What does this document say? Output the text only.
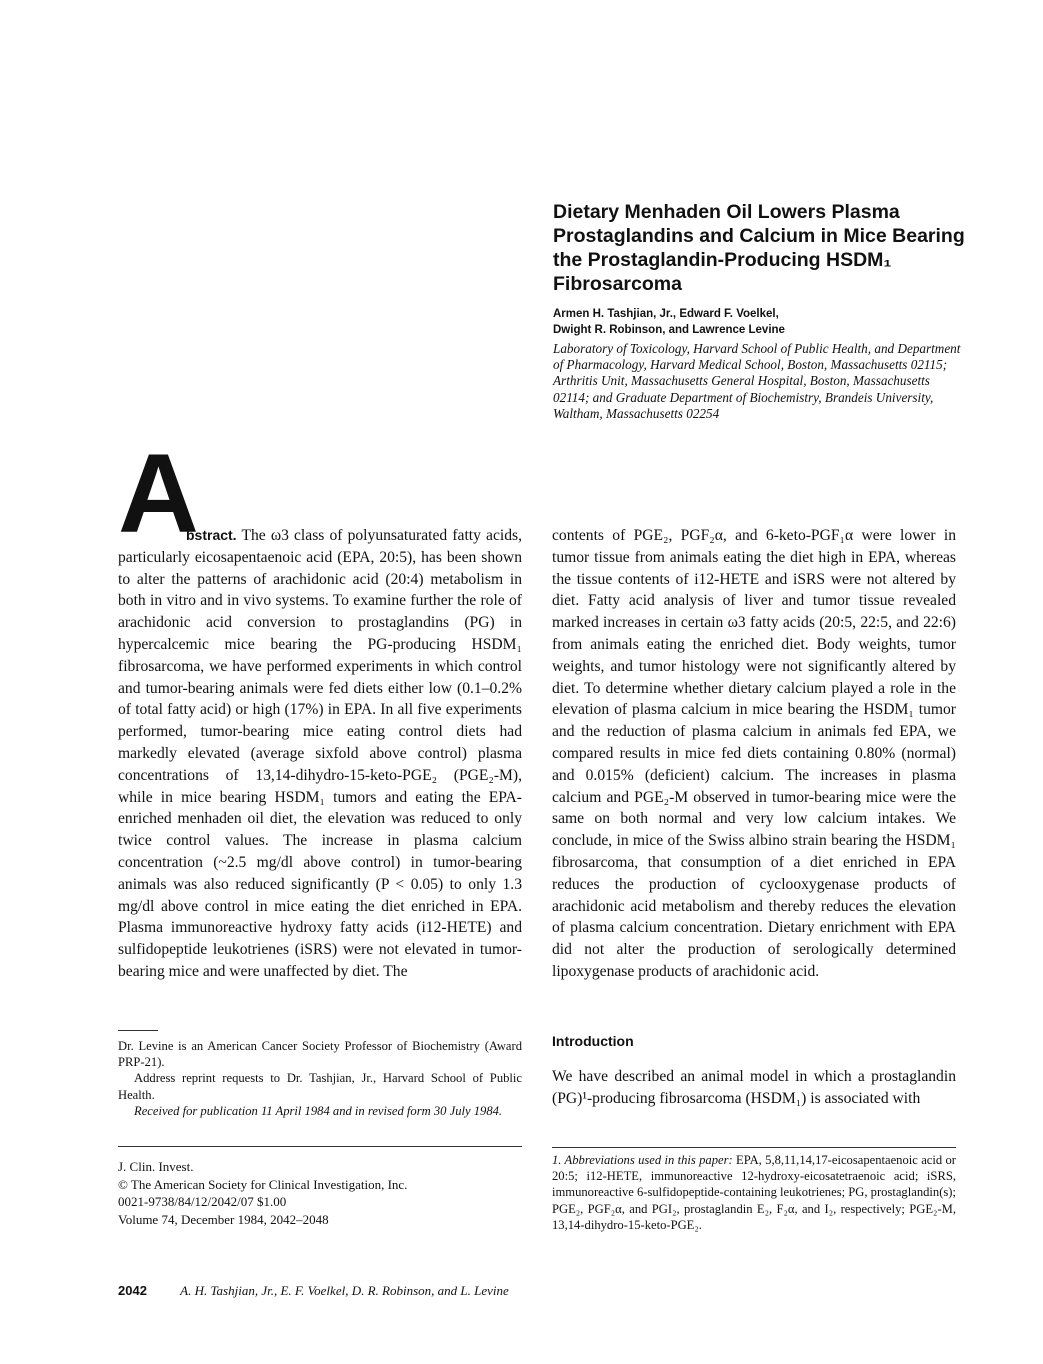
Dietary Menhaden Oil Lowers Plasma Prostaglandins and Calcium in Mice Bearing the Prostaglandin-Producing HSDM₁ Fibrosarcoma
Armen H. Tashjian, Jr., Edward F. Voelkel,
Dwight R. Robinson, and Lawrence Levine
Laboratory of Toxicology, Harvard School of Public Health, and Department of Pharmacology, Harvard Medical School, Boston, Massachusetts 02115; Arthritis Unit, Massachusetts General Hospital, Boston, Massachusetts 02114; and Graduate Department of Biochemistry, Brandeis University, Waltham, Massachusetts 02254
A

bstract. The ω3 class of polyunsaturated fatty acids, particularly eicosapentaenoic acid (EPA, 20:5), has been shown to alter the patterns of arachidonic acid (20:4) metabolism in both in vitro and in vivo systems. To examine further the role of arachidonic acid conversion to prostaglandins (PG) in hypercalcemic mice bearing the PG-producing HSDM₁ fibrosarcoma, we have performed experiments in which control and tumor-bearing animals were fed diets either low (0.1–0.2% of total fatty acid) or high (17%) in EPA. In all five experiments performed, tumor-bearing mice eating control diets had markedly elevated (average sixfold above control) plasma concentrations of 13,14-dihydro-15-keto-PGE₂ (PGE₂-M), while in mice bearing HSDM₁ tumors and eating the EPA-enriched menhaden oil diet, the elevation was reduced to only twice control values. The increase in plasma calcium concentration (~2.5 mg/dl above control) in tumor-bearing animals was also reduced significantly (P < 0.05) to only 1.3 mg/dl above control in mice eating the diet enriched in EPA. Plasma immunoreactive hydroxy fatty acids (i12-HETE) and sulfidopeptide leukotrienes (iSRS) were not elevated in tumor-bearing mice and were unaffected by diet. The

contents of PGE₂, PGF₂α, and 6-keto-PGF₁α were lower in tumor tissue from animals eating the diet high in EPA, whereas the tissue contents of i12-HETE and iSRS were not altered by diet. Fatty acid analysis of liver and tumor tissue revealed marked increases in certain ω3 fatty acids (20:5, 22:5, and 22:6) from animals eating the enriched diet. Body weights, tumor weights, and tumor histology were not significantly altered by diet. To determine whether dietary calcium played a role in the elevation of plasma calcium in mice bearing the HSDM₁ tumor and the reduction of plasma calcium in animals fed EPA, we compared results in mice fed diets containing 0.80% (normal) and 0.015% (deficient) calcium. The increases in plasma calcium and PGE₂-M observed in tumor-bearing mice were the same on both normal and very low calcium intakes. We conclude, in mice of the Swiss albino strain bearing the HSDM₁ fibrosarcoma, that consumption of a diet enriched in EPA reduces the production of cyclooxygenase products of arachidonic acid metabolism and thereby reduces the elevation of plasma calcium concentration. Dietary enrichment with EPA did not alter the production of serologically determined lipoxygenase products of arachidonic acid.

Dr. Levine is an American Cancer Society Professor of Biochemistry (Award PRP-21).

Address reprint requests to Dr. Tashjian, Jr., Harvard School of Public Health.

Received for publication 11 April 1984 and in revised form 30 July 1984.

J. Clin. Invest.
© The American Society for Clinical Investigation, Inc.
0021-9738/84/12/2042/07 $1.00
Volume 74, December 1984, 2042–2048
Introduction

We have described an animal model in which a prostaglandin (PG)¹-producing fibrosarcoma (HSDM₁) is associated with

1. Abbreviations used in this paper: EPA, 5,8,11,14,17-eicosapentaenoic acid or 20:5; i12-HETE, immunoreactive 12-hydroxy-eicosatetraenoic acid; iSRS, immunoreactive 6-sulfidopeptide-containing leukotrienes; PG, prostaglandin(s); PGE₂, PGF₂α, and PGI₂, prostaglandin E₂, F₂α, and I₂, respectively; PGE₂-M, 13,14-dihydro-15-keto-PGE₂.

2042	A. H. Tashjian, Jr., E. F. Voelkel, D. R. Robinson, and L. Levine
